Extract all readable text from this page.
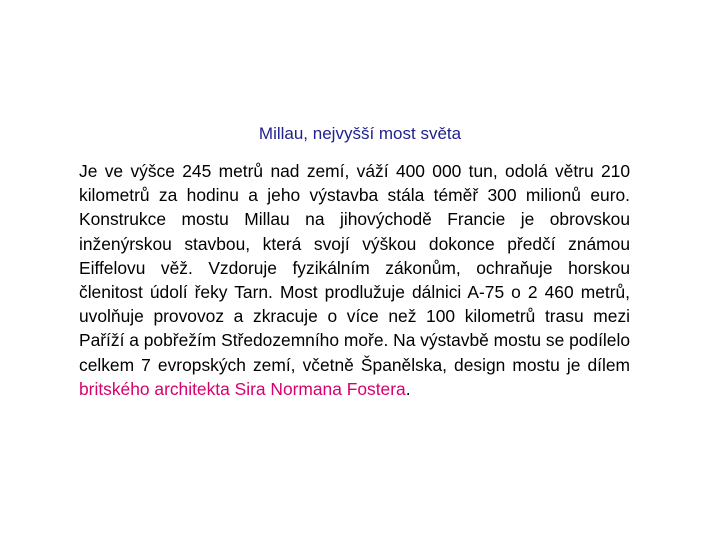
Millau, nejvyšší most světa

Je ve výšce 245 metrů nad zemí, váží 400 000 tun, odolá větru 210 kilometrů za hodinu a jeho výstavba stála téměř 300 milionů euro. Konstrukce mostu Millau na jihovýchodě Francie je obrovskou inženýrskou stavbou, která svojí výškou dokonce předčí známou Eiffelovu věž. Vzdoruje fyzikálním zákonům, ochraňuje horskou členitost údolí řeky Tarn. Most prodlužuje dálnici A-75 o 2 460 metrů, uvolňuje provovoz a zkracuje o více než 100 kilometrů trasu mezi Paříží a pobřežím Středozemního moře. Na výstavbě mostu se podílelo celkem 7 evropských zemí, včetně Španělska, design mostu je dílem britského architekta Sira Normana Fostera.
